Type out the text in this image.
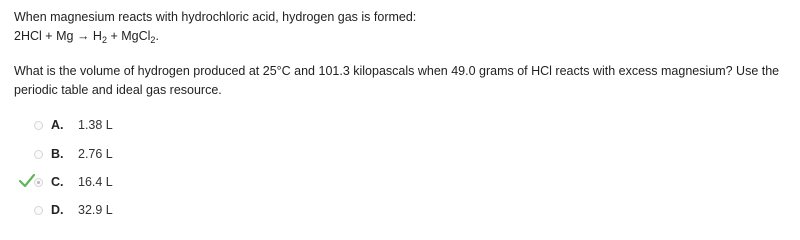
When magnesium reacts with hydrochloric acid, hydrogen gas is formed:
$2HCl + Mg \to H_2$ + MgCl$_2$.
What is the volume of hydrogen produced at 25°C and 101.3 kilopascals when 49.0 grams of HCl reacts with excess magnesium? Use the
periodic table and ideal gas resource.
A. 1.38 L
B. 2.76 L
C. 16.4 L
D. 32.9 L
